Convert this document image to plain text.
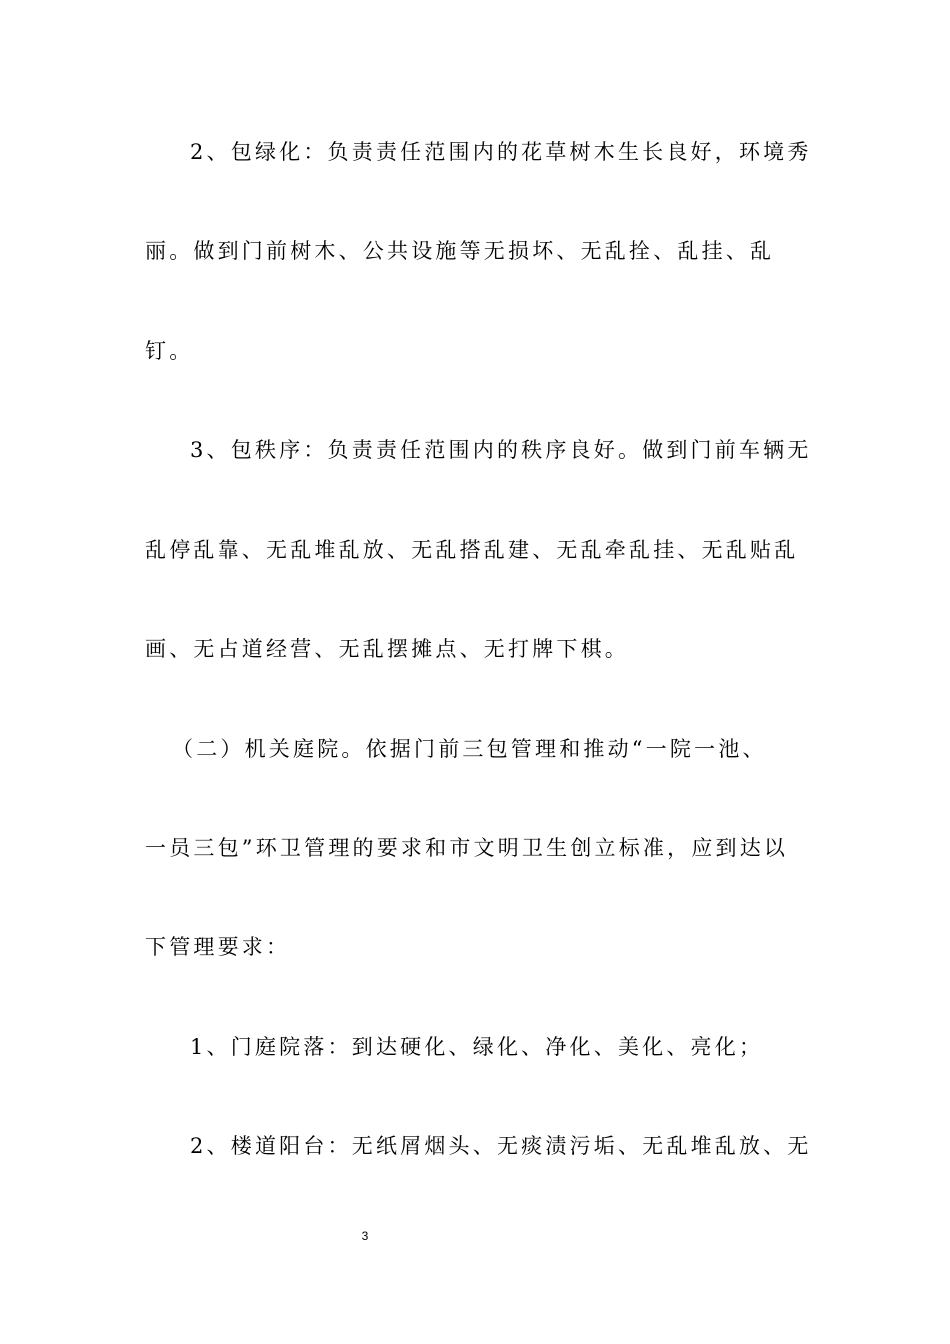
2、包绿化：负责责任范围内的花草树木生长良好，环境秀
丽。做到门前树木、公共设施等无损坏、无乱拴、乱挂、乱
钉。
3、包秩序：负责责任范围内的秩序良好。做到门前车辆无
乱停乱靠、无乱堆乱放、无乱搭乱建、无乱牵乱挂、无乱贴乱
画、无占道经营、无乱摆摊点、无打牌下棋。
（二）机关庭院。依据门前三包管理和推动“一院一池、
一员三包”环卫管理的要求和市文明卫生创立标准，应到达以
下管理要求：
1、门庭院落：到达硬化、绿化、净化、美化、亮化；
2、楼道阳台：无纸屑烟头、无痰渍污垢、无乱堆乱放、无
3
